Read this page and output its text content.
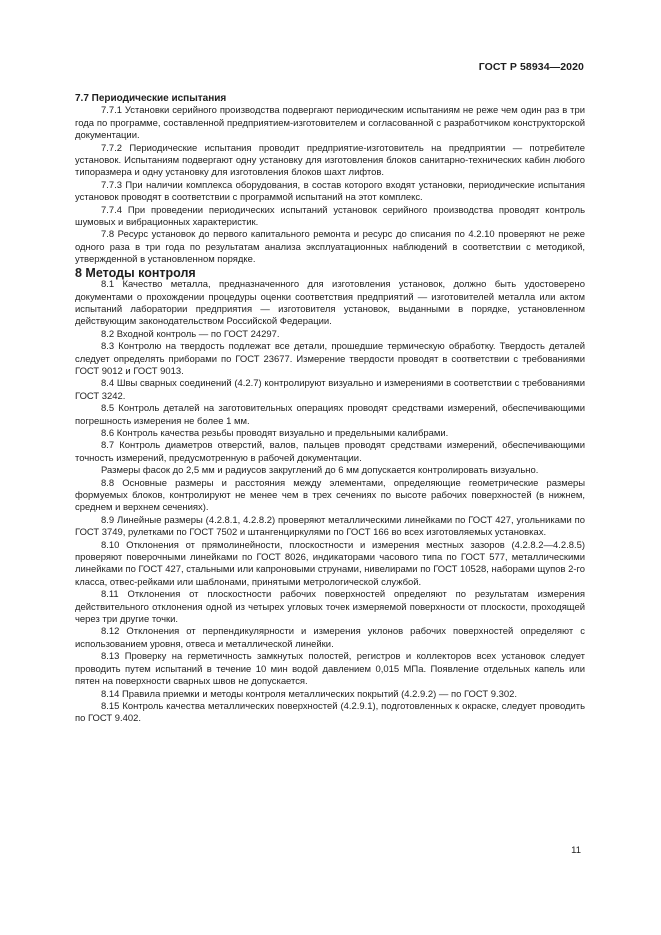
ГОСТ Р 58934—2020

7.7 Периодические испытания

7.7.1 Установки серийного производства подвергают периодическим испытаниям не реже чем один раз в три года по программе, составленной предприятием-изготовителем и согласованной с разработчиком конструкторской документации.

7.7.2 Периодические испытания проводит предприятие-изготовитель на предприятии — потребителе установок. Испытаниям подвергают одну установку для изготовления блоков санитарно-технических кабин любого типоразмера и одну установку для изготовления блоков шахт лифтов.

7.7.3 При наличии комплекса оборудования, в состав которого входят установки, периодические испытания установок проводят в соответствии с программой испытаний на этот комплекс.

7.7.4 При проведении периодических испытаний установок серийного производства проводят контроль шумовых и вибрационных характеристик.

7.8 Ресурс установок до первого капитального ремонта и ресурс до списания по 4.2.10 проверяют не реже одного раза в три года по результатам анализа эксплуатационных наблюдений в соответствии с методикой, утвержденной в установленном порядке.

8 Методы контроля

8.1 Качество металла, предназначенного для изготовления установок, должно быть удостоверено документами о прохождении процедуры оценки соответствия предприятий — изготовителей металла или актом испытаний лаборатории предприятия — изготовителя установок, выданными в порядке, установленном действующим законодательством Российской Федерации.

8.2 Входной контроль — по ГОСТ 24297.

8.3 Контролю на твердость подлежат все детали, прошедшие термическую обработку. Твердость деталей следует определять приборами по ГОСТ 23677. Измерение твердости проводят в соответствии с требованиями ГОСТ 9012 и ГОСТ 9013.

8.4 Швы сварных соединений (4.2.7) контролируют визуально и измерениями в соответствии с требованиями ГОСТ 3242.

8.5 Контроль деталей на заготовительных операциях проводят средствами измерений, обеспечивающими погрешность измерения не более 1 мм.

8.6 Контроль качества резьбы проводят визуально и предельными калибрами.

8.7 Контроль диаметров отверстий, валов, пальцев проводят средствами измерений, обеспечивающими точность измерений, предусмотренную в рабочей документации.

Размеры фасок до 2,5 мм и радиусов закруглений до 6 мм допускается контролировать визуально.

8.8 Основные размеры и расстояния между элементами, определяющие геометрические размеры формуемых блоков, контролируют не менее чем в трех сечениях по высоте рабочих поверхностей (в нижнем, среднем и верхнем сечениях).

8.9 Линейные размеры (4.2.8.1, 4.2.8.2) проверяют металлическими линейками по ГОСТ 427, угольниками по ГОСТ 3749, рулетками по ГОСТ 7502 и штангенциркулями по ГОСТ 166 во всех изготовляемых установках.

8.10 Отклонения от прямолинейности, плоскостности и измерения местных зазоров (4.2.8.2—4.2.8.5) проверяют поверочными линейками по ГОСТ 8026, индикаторами часового типа по ГОСТ 577, металлическими линейками по ГОСТ 427, стальными или капроновыми струнами, нивелирами по ГОСТ 10528, наборами щупов 2-го класса, отвес-рейками или шаблонами, принятыми метрологической службой.

8.11 Отклонения от плоскостности рабочих поверхностей определяют по результатам измерения действительного отклонения одной из четырех угловых точек измеряемой поверхности от плоскости, проходящей через три другие точки.

8.12 Отклонения от перпендикулярности и измерения уклонов рабочих поверхностей определяют с использованием уровня, отвеса и металлической линейки.

8.13 Проверку на герметичность замкнутых полостей, регистров и коллекторов всех установок следует проводить путем испытаний в течение 10 мин водой давлением 0,015 МПа. Появление отдельных капель или пятен на поверхности сварных швов не допускается.

8.14 Правила приемки и методы контроля металлических покрытий (4.2.9.2) — по ГОСТ 9.302.

8.15 Контроль качества металлических поверхностей (4.2.9.1), подготовленных к окраске, следует проводить по ГОСТ 9.402.

11
